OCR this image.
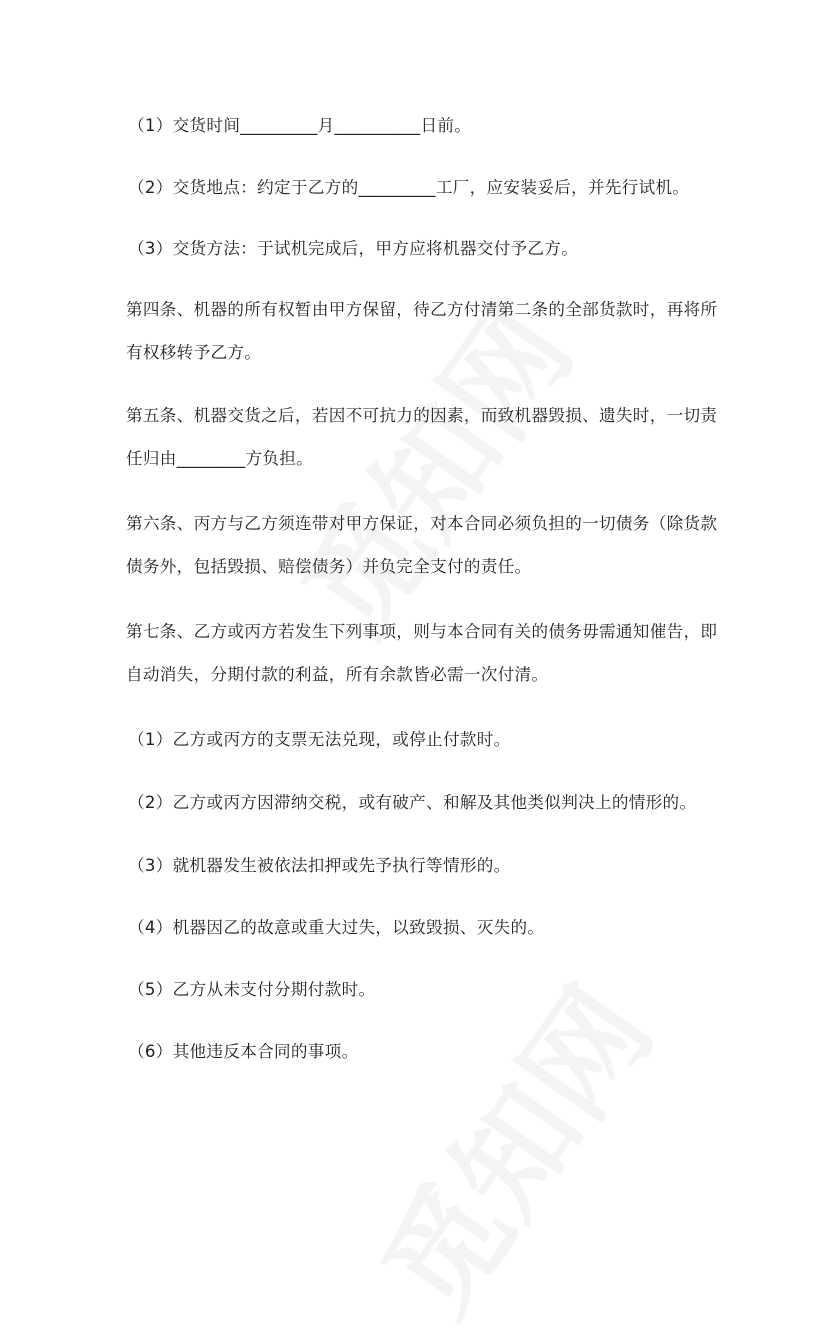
（1）交货时间_________月__________日前。
（2）交货地点：约定于乙方的_________工厂，应安装妥后，并先行试机。
（3）交货方法：于试机完成后，甲方应将机器交付予乙方。
第四条、机器的所有权暂由甲方保留，待乙方付清第二条的全部货款时，再将所
有权移转予乙方。
第五条、机器交货之后，若因不可抗力的因素，而致机器毁损、遗失时，一切责
任归由________方负担。
第六条、丙方与乙方须连带对甲方保证，对本合同必须负担的一切债务（除货款
债务外，包括毁损、赔偿债务）并负完全支付的责任。
第七条、乙方或丙方若发生下列事项，则与本合同有关的债务毋需通知催告，即
自动消失，分期付款的利益，所有余款皆必需一次付清。
（1）乙方或丙方的支票无法兑现，或停止付款时。
（2）乙方或丙方因滞纳交税，或有破产、和解及其他类似判决上的情形的。
（3）就机器发生被依法扣押或先予执行等情形的。
（4）机器因乙的故意或重大过失，以致毁损、灭失的。
（5）乙方从未支付分期付款时。
（6）其他违反本合同的事项。
